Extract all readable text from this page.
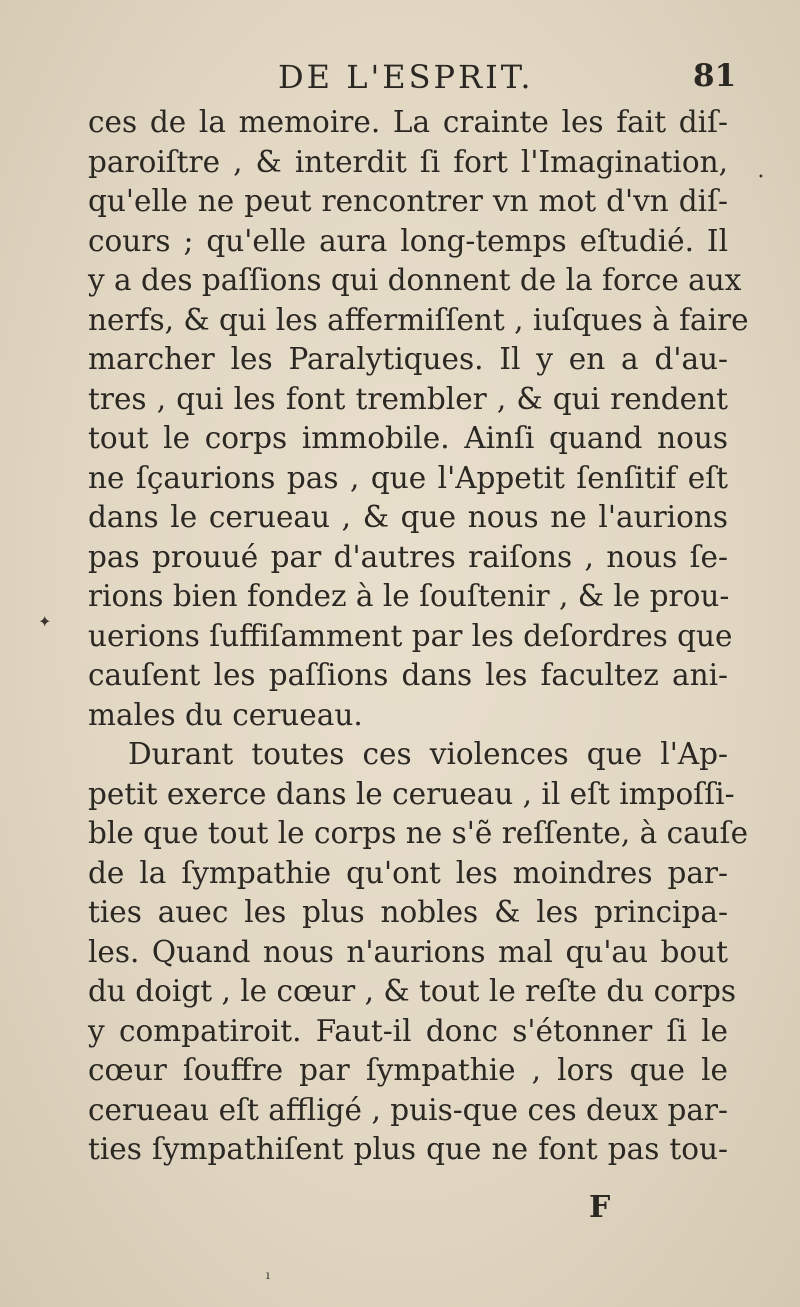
DE L'ESPRIT.	81
ces de la memoire. La crainte les fait diſ-
paroiſtre , & interdit ſi fort l'Imagination,
qu'elle ne peut rencontrer vn mot d'vn diſ-
cours ; qu'elle aura long-temps eſtudié. Il
y a des paſſions qui donnent de la force aux
nerfs, & qui les affermiſſent , iuſques à faire
marcher les Paralytiques. Il y en a d'au-
tres , qui les font trembler , & qui rendent
tout le corps immobile. Ainſi quand nous
ne ſçaurions pas , que l'Appetit ſenſitif eſt
dans le cerueau , & que nous ne l'aurions
pas prouué par d'autres raiſons , nous ſe-
rions bien fondez à le ſouſtenir , & le prou-
uerions ſuffiſamment par les deſordres que
cauſent les paſſions dans les facultez ani-
males du cerueau.
Durant toutes ces violences que l'Ap-
petit exerce dans le cerueau , il eſt impoſſi-
ble que tout le corps ne s'ẽ reſſente, à cauſe
de la ſympathie qu'ont les moindres par-
ties auec les plus nobles & les principa-
les. Quand nous n'aurions mal qu'au bout
du doigt , le cœur , & tout le reſte du corps
y compatiroit. Faut-il donc s'étonner ſi le
cœur ſouffre par ſympathie , lors que le
cerueau eſt affligé , puis-que ces deux par-
ties ſympathiſent plus que ne font pas tou-
F
✦
•
ı
